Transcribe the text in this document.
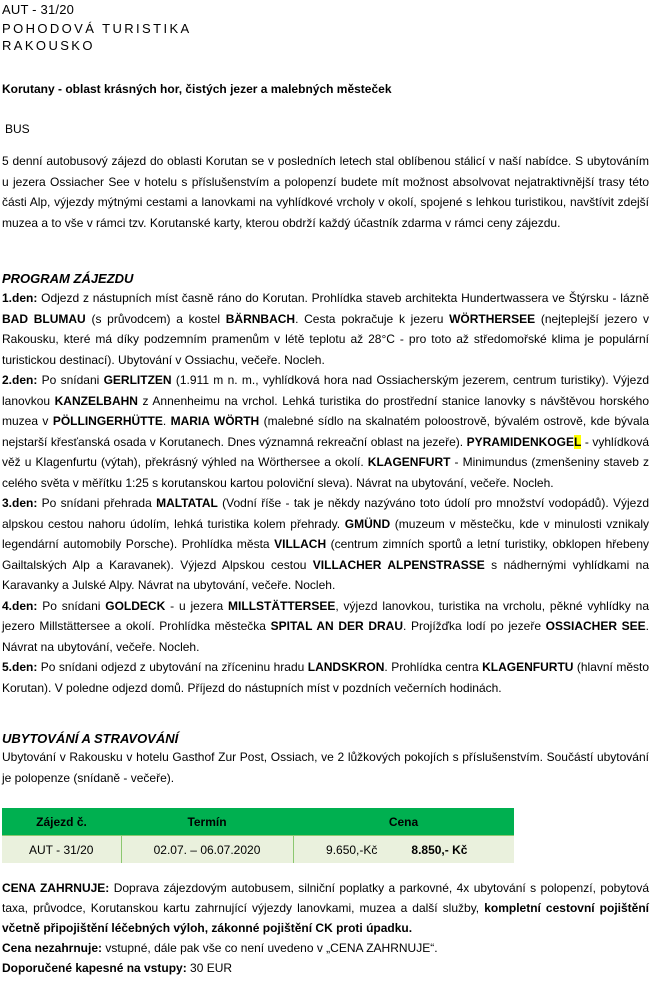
AUT - 31/20
POHODOVÁ TURISTIKA
RAKOUSKO
Korutany - oblast krásných hor, čistých jezer a malebných městeček
BUS
5 denní autobusový zájezd do oblasti Korutan se v posledních letech stal oblíbenou stálicí v naší nabídce. S ubytováním u jezera Ossiacher See v hotelu s příslušenstvím a polopenzí budete mít možnost absolvovat nejatraktivnější trasy této části Alp, výjezdy mýtnými cestami a lanovkami na vyhlídkové vrcholy v okolí, spojené s lehkou turistikou, navštívit zdejší muzea a to vše v rámci tzv. Korutanské karty, kterou obdrží každý účastník zdarma v rámci ceny zájezdu.
PROGRAM ZÁJEZDU

1.den: Odjezd z nástupních míst časně ráno do Korutan. Prohlídka staveb architekta Hundertwassera ve Štýrsku - lázně BAD BLUMAU (s průvodcem) a kostel BÄRNBACH. Cesta pokračuje k jezeru WÖRTHERSEE (nejteplejší jezero v Rakousku, které má díky podzemním pramenům v létě teplotu až 28°C - pro toto až středomořské klima je populární turistickou destinací). Ubytování v Ossiachu, večeře. Nocleh.

2.den: Po snídani GERLITZEN (1.911 m n. m., vyhlídková hora nad Ossiacherským jezerem, centrum turistiky). Výjezd lanovkou KANZELBAHN z Annenheimu na vrchol. Lehká turistika do prostřední stanice lanovky s návštěvou horského muzea v PÖLLINGERHÜTTE. MARIA WÖRTH (malebné sídlo na skalnatém poloostrově, bývalém ostrově, kde bývala nejstarší křesťanská osada v Korutanech. Dnes významná rekreační oblast na jezeře). PYRAMIDENKOGEL - vyhlídková věž u Klagenfurtu (výtah), překrásný výhled na Wörthersee a okolí. KLAGENFURT - Minimundus (zmenšeniny staveb z celého světa v měřítku 1:25 s korutanskou kartou poloviční sleva). Návrat na ubytování, večeře. Nocleh.

3.den: Po snídani přehrada MALTATAL (Vodní říše - tak je někdy nazýváno toto údolí pro množství vodopádů). Výjezd alpskou cestou nahoru údolím, lehká turistika kolem přehrady. GMÜND (muzeum v městečku, kde v minulosti vznikaly legendární automobily Porsche). Prohlídka města VILLACH (centrum zimních sportů a letní turistiky, obklopen hřebeny Gailtalských Alp a Karavanek). Výjezd Alpskou cestou VILLACHER ALPENSTRASSE s nádhernými vyhlídkami na Karavanky a Julské Alpy. Návrat na ubytování, večeře. Nocleh.

4.den: Po snídani GOLDECK - u jezera MILLSTÄTTERSEE, výjezd lanovkou, turistika na vrcholu, pěkné vyhlídky na jezero Millstättersee a okolí. Prohlídka městečka SPITAL AN DER DRAU. Projížďka lodí po jezeře OSSIACHER SEE. Návrat na ubytování, večeře. Nocleh.

5.den: Po snídani odjezd z ubytování na zříceninu hradu LANDSKRON. Prohlídka centra KLAGENFURTU (hlavní město Korutan). V poledne odjezd domů. Příjezd do nástupních míst v pozdních večerních hodinách.

UBYTOVÁNÍ A STRAVOVÁNÍ
Ubytování v Rakousku v hotelu Gasthof Zur Post, Ossiach, ve 2 lůžkových pokojích s příslušenstvím. Součástí ubytování je polopenze (snídaně - večeře).
Zájezd č.	Termín	Cena	
AUT - 31/20	02.07. – 06.07.2020	9.650,-Kč	8.850,- Kč

CENA ZAHRNUJE: Doprava zájezdovým autobusem, silniční poplatky a parkovné, 4x ubytování s polopenzí, pobytová taxa, průvodce, Korutanskou kartu zahrnující výjezdy lanovkami, muzea a další služby, kompletní cestovní pojištění včetně připojištění léčebných výloh, zákonné pojištění CK proti úpadku.

Cena nezahrnuje: vstupné, dále pak vše co není uvedeno v „CENA ZAHRNUJE“.

Doporučené kapesné na vstupy: 30 EUR
